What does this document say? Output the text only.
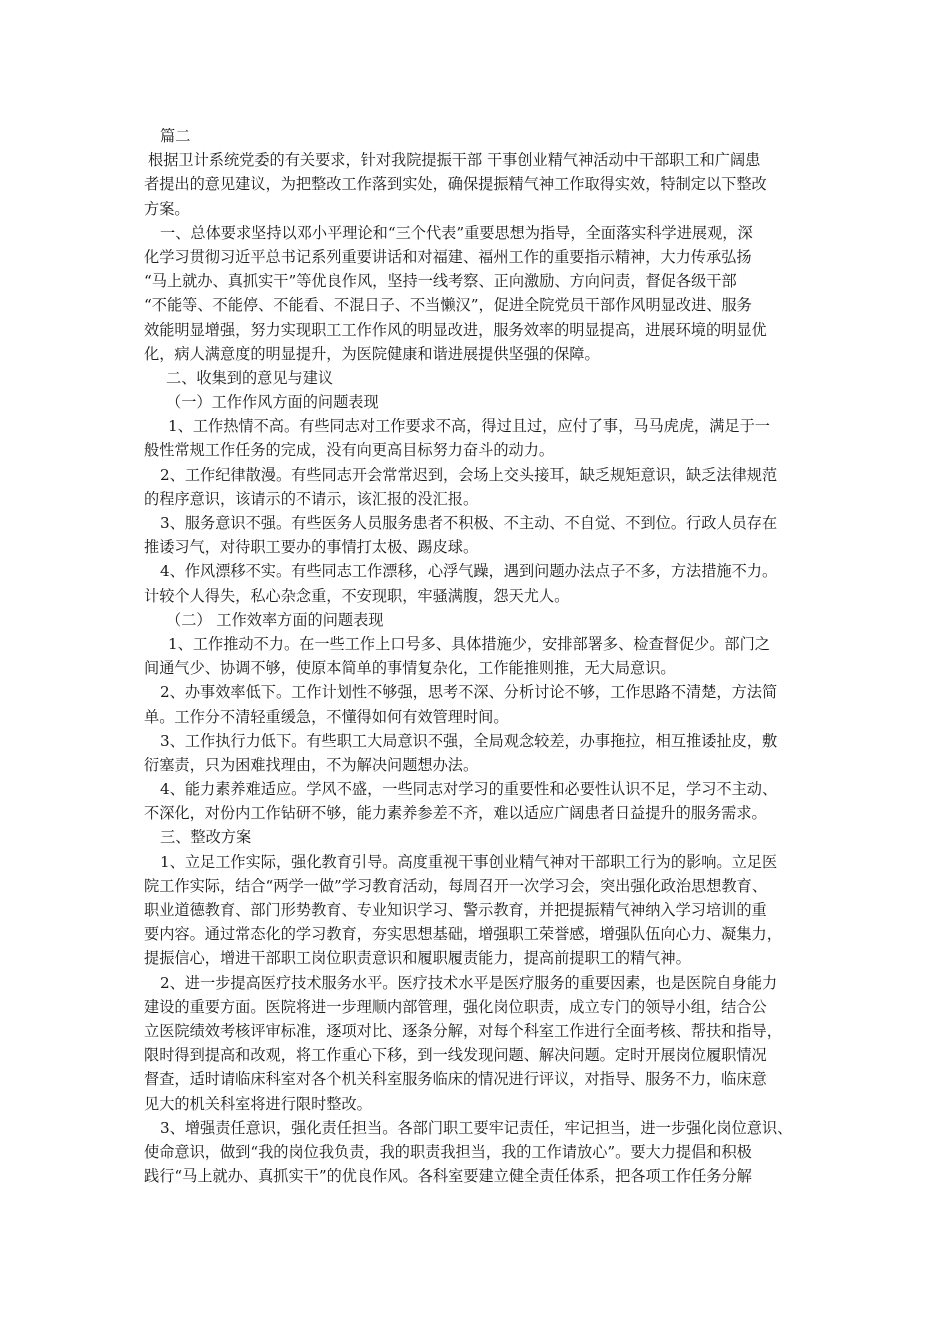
篇二
根据卫计系统党委的有关要求，针对我院提振干部 干事创业精气神活动中干部职工和广阔患
者提出的意见建议，为把整改工作落到实处，确保提振精气神工作取得实效，特制定以下整改
方案。
一、总体要求坚持以邓小平理论和“三个代表”重要思想为指导，全面落实科学进展观，深
化学习贯彻习近平总书记系列重要讲话和对福建、福州工作的重要指示精神，大力传承弘扬
“马上就办、真抓实干”等优良作风，坚持一线考察、正向激励、方向问责，督促各级干部
“不能等、不能停、不能看、不混日子、不当懒汉”，促进全院党员干部作风明显改进、服务
效能明显增强，努力实现职工工作作风的明显改进，服务效率的明显提高，进展环境的明显优
化，病人满意度的明显提升，为医院健康和谐进展提供坚强的保障。
二、收集到的意见与建议
（一）工作作风方面的问题表现
1、工作热情不高。有些同志对工作要求不高，得过且过，应付了事，马马虎虎，满足于一
般性常规工作任务的完成，没有向更高目标努力奋斗的动力。
2、工作纪律散漫。有些同志开会常常迟到，会场上交头接耳，缺乏规矩意识，缺乏法律规范
的程序意识，该请示的不请示，该汇报的没汇报。
3、服务意识不强。有些医务人员服务患者不积极、不主动、不自觉、不到位。行政人员存在
推诿习气，对待职工要办的事情打太极、踢皮球。
4、作风漂移不实。有些同志工作漂移，心浮气躁，遇到问题办法点子不多，方法措施不力。
计较个人得失，私心杂念重，不安现职，牢骚满腹，怨天尤人。
（二） 工作效率方面的问题表现
1、工作推动不力。在一些工作上口号多、具体措施少，安排部署多、检查督促少。部门之
间通气少、协调不够，使原本简单的事情复杂化，工作能推则推，无大局意识。
2、办事效率低下。工作计划性不够强，思考不深、分析讨论不够，工作思路不清楚，方法简
单。工作分不清轻重缓急，不懂得如何有效管理时间。
3、工作执行力低下。有些职工大局意识不强，全局观念较差，办事拖拉，相互推诿扯皮，敷
衍塞责，只为困难找理由，不为解决问题想办法。
4、能力素养难适应。学风不盛，一些同志对学习的重要性和必要性认识不足，学习不主动、
不深化，对份内工作钻研不够，能力素养参差不齐，难以适应广阔患者日益提升的服务需求。
三、整改方案
1、立足工作实际，强化教育引导。高度重视干事创业精气神对干部职工行为的影响。立足医
院工作实际，结合“两学一做”学习教育活动，每周召开一次学习会，突出强化政治思想教育、
职业道德教育、部门形势教育、专业知识学习、警示教育，并把提振精气神纳入学习培训的重
要内容。通过常态化的学习教育，夯实思想基础，增强职工荣誉感，增强队伍向心力、凝集力，
提振信心，增进干部职工岗位职责意识和履职履责能力，提高前提职工的精气神。
2、进一步提高医疗技术服务水平。医疗技术水平是医疗服务的重要因素，也是医院自身能力
建设的重要方面。医院将进一步理顺内部管理，强化岗位职责，成立专门的领导小组，结合公
立医院绩效考核评审标准，逐项对比、逐条分解，对每个科室工作进行全面考核、帮扶和指导，
限时得到提高和改观，将工作重心下移，到一线发现问题、解决问题。定时开展岗位履职情况
督查，适时请临床科室对各个机关科室服务临床的情况进行评议，对指导、服务不力，临床意
见大的机关科室将进行限时整改。
3、增强责任意识，强化责任担当。各部门职工要牢记责任，牢记担当，进一步强化岗位意识、
使命意识，做到“我的岗位我负责，我的职责我担当，我的工作请放心”。要大力提倡和积极
践行“马上就办、真抓实干”的优良作风。各科室要建立健全责任体系，把各项工作任务分解
